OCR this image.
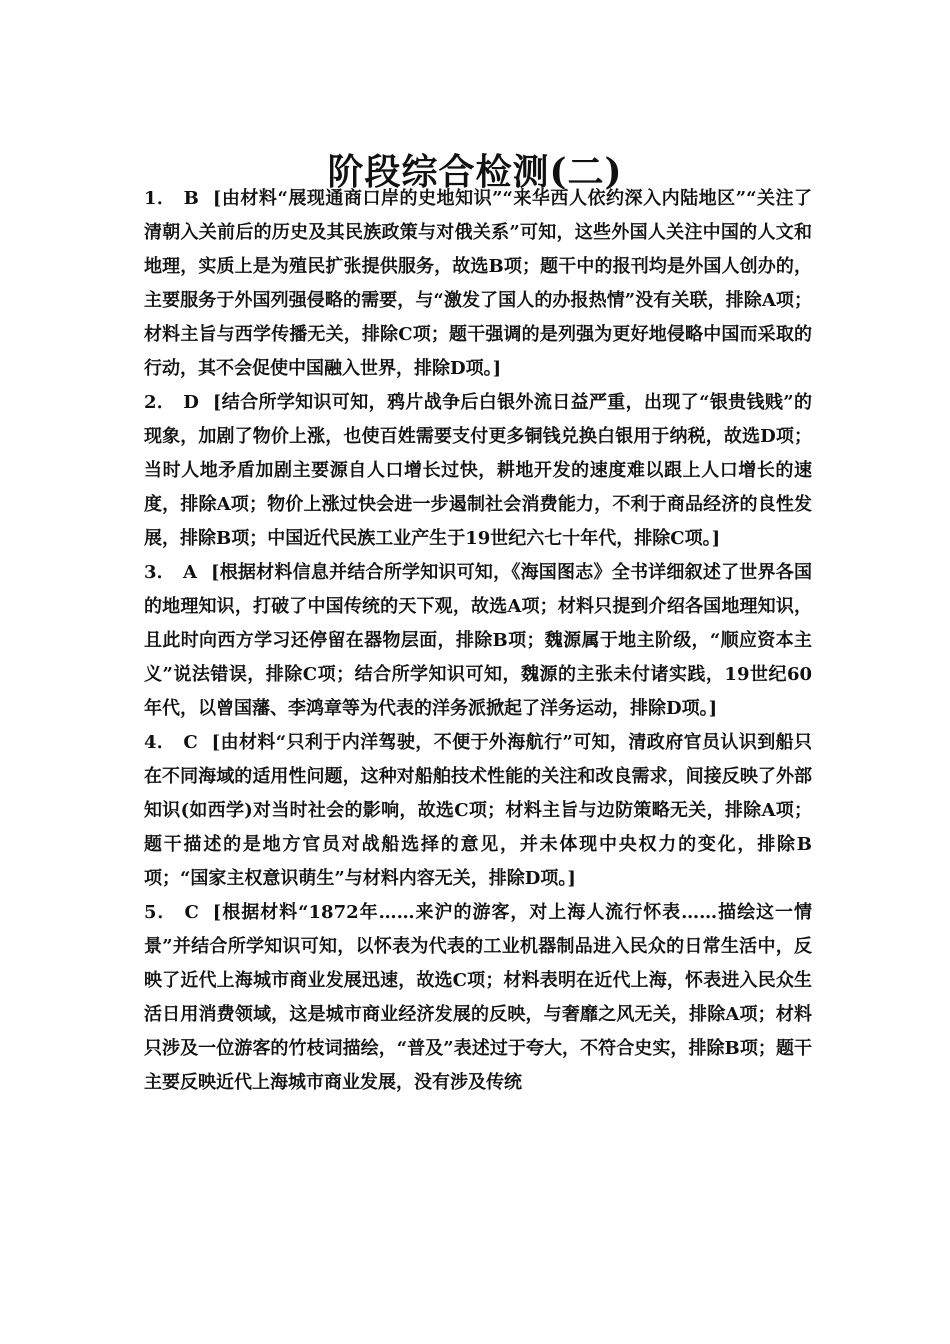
阶段综合检测(二)

1． B [由材料“展现通商口岸的史地知识”“来华西人依约深入内陆地区”“关注了清朝入关前后的历史及其民族政策与对俄关系”可知，这些外国人关注中国的人文和地理，实质上是为殖民扩张提供服务，故选B项；题干中的报刊均是外国人创办的，主要服务于外国列强侵略的需要，与“激发了国人的办报热情”没有关联，排除A项；材料主旨与西学传播无关，排除C项；题干强调的是列强为更好地侵略中国而采取的行动，其不会促使中国融入世界，排除D项。]

2． D [结合所学知识可知，鸦片战争后白银外流日益严重，出现了“银贵钱贱”的现象，加剧了物价上涨，也使百姓需要支付更多铜钱兑换白银用于纳税，故选D项；当时人地矛盾加剧主要源自人口增长过快，耕地开发的速度难以跟上人口增长的速度，排除A项；物价上涨过快会进一步遏制社会消费能力，不利于商品经济的良性发展，排除B项；中国近代民族工业产生于19世纪六七十年代，排除C项。]

3． A [根据材料信息并结合所学知识可知，《海国图志》全书详细叙述了世界各国的地理知识，打破了中国传统的天下观，故选A项；材料只提到介绍各国地理知识，且此时向西方学习还停留在器物层面，排除B项；魏源属于地主阶级，“顺应资本主义”说法错误，排除C项；结合所学知识可知，魏源的主张未付诸实践，19世纪60年代，以曾国藩、李鸿章等为代表的洋务派掀起了洋务运动，排除D项。]

4． C [由材料“只利于内洋驾驶，不便于外海航行”可知，清政府官员认识到船只在不同海域的适用性问题，这种对船舶技术性能的关注和改良需求，间接反映了外部知识(如西学)对当时社会的影响，故选C项；材料主旨与边防策略无关，排除A项；题干描述的是地方官员对战船选择的意见，并未体现中央权力的变化，排除B项；“国家主权意识萌生”与材料内容无关，排除D项。]

5． C [根据材料“1872年……来沪的游客，对上海人流行怀表……描绘这一情景”并结合所学知识可知，以怀表为代表的工业机器制品进入民众的日常生活中，反映了近代上海城市商业发展迅速，故选C项；材料表明在近代上海，怀表进入民众生活日用消费领域，这是城市商业经济发展的反映，与奢靡之风无关，排除A项；材料只涉及一位游客的竹枝词描绘，“普及”表述过于夸大，不符合史实，排除B项；题干主要反映近代上海城市商业发展，没有涉及传统
